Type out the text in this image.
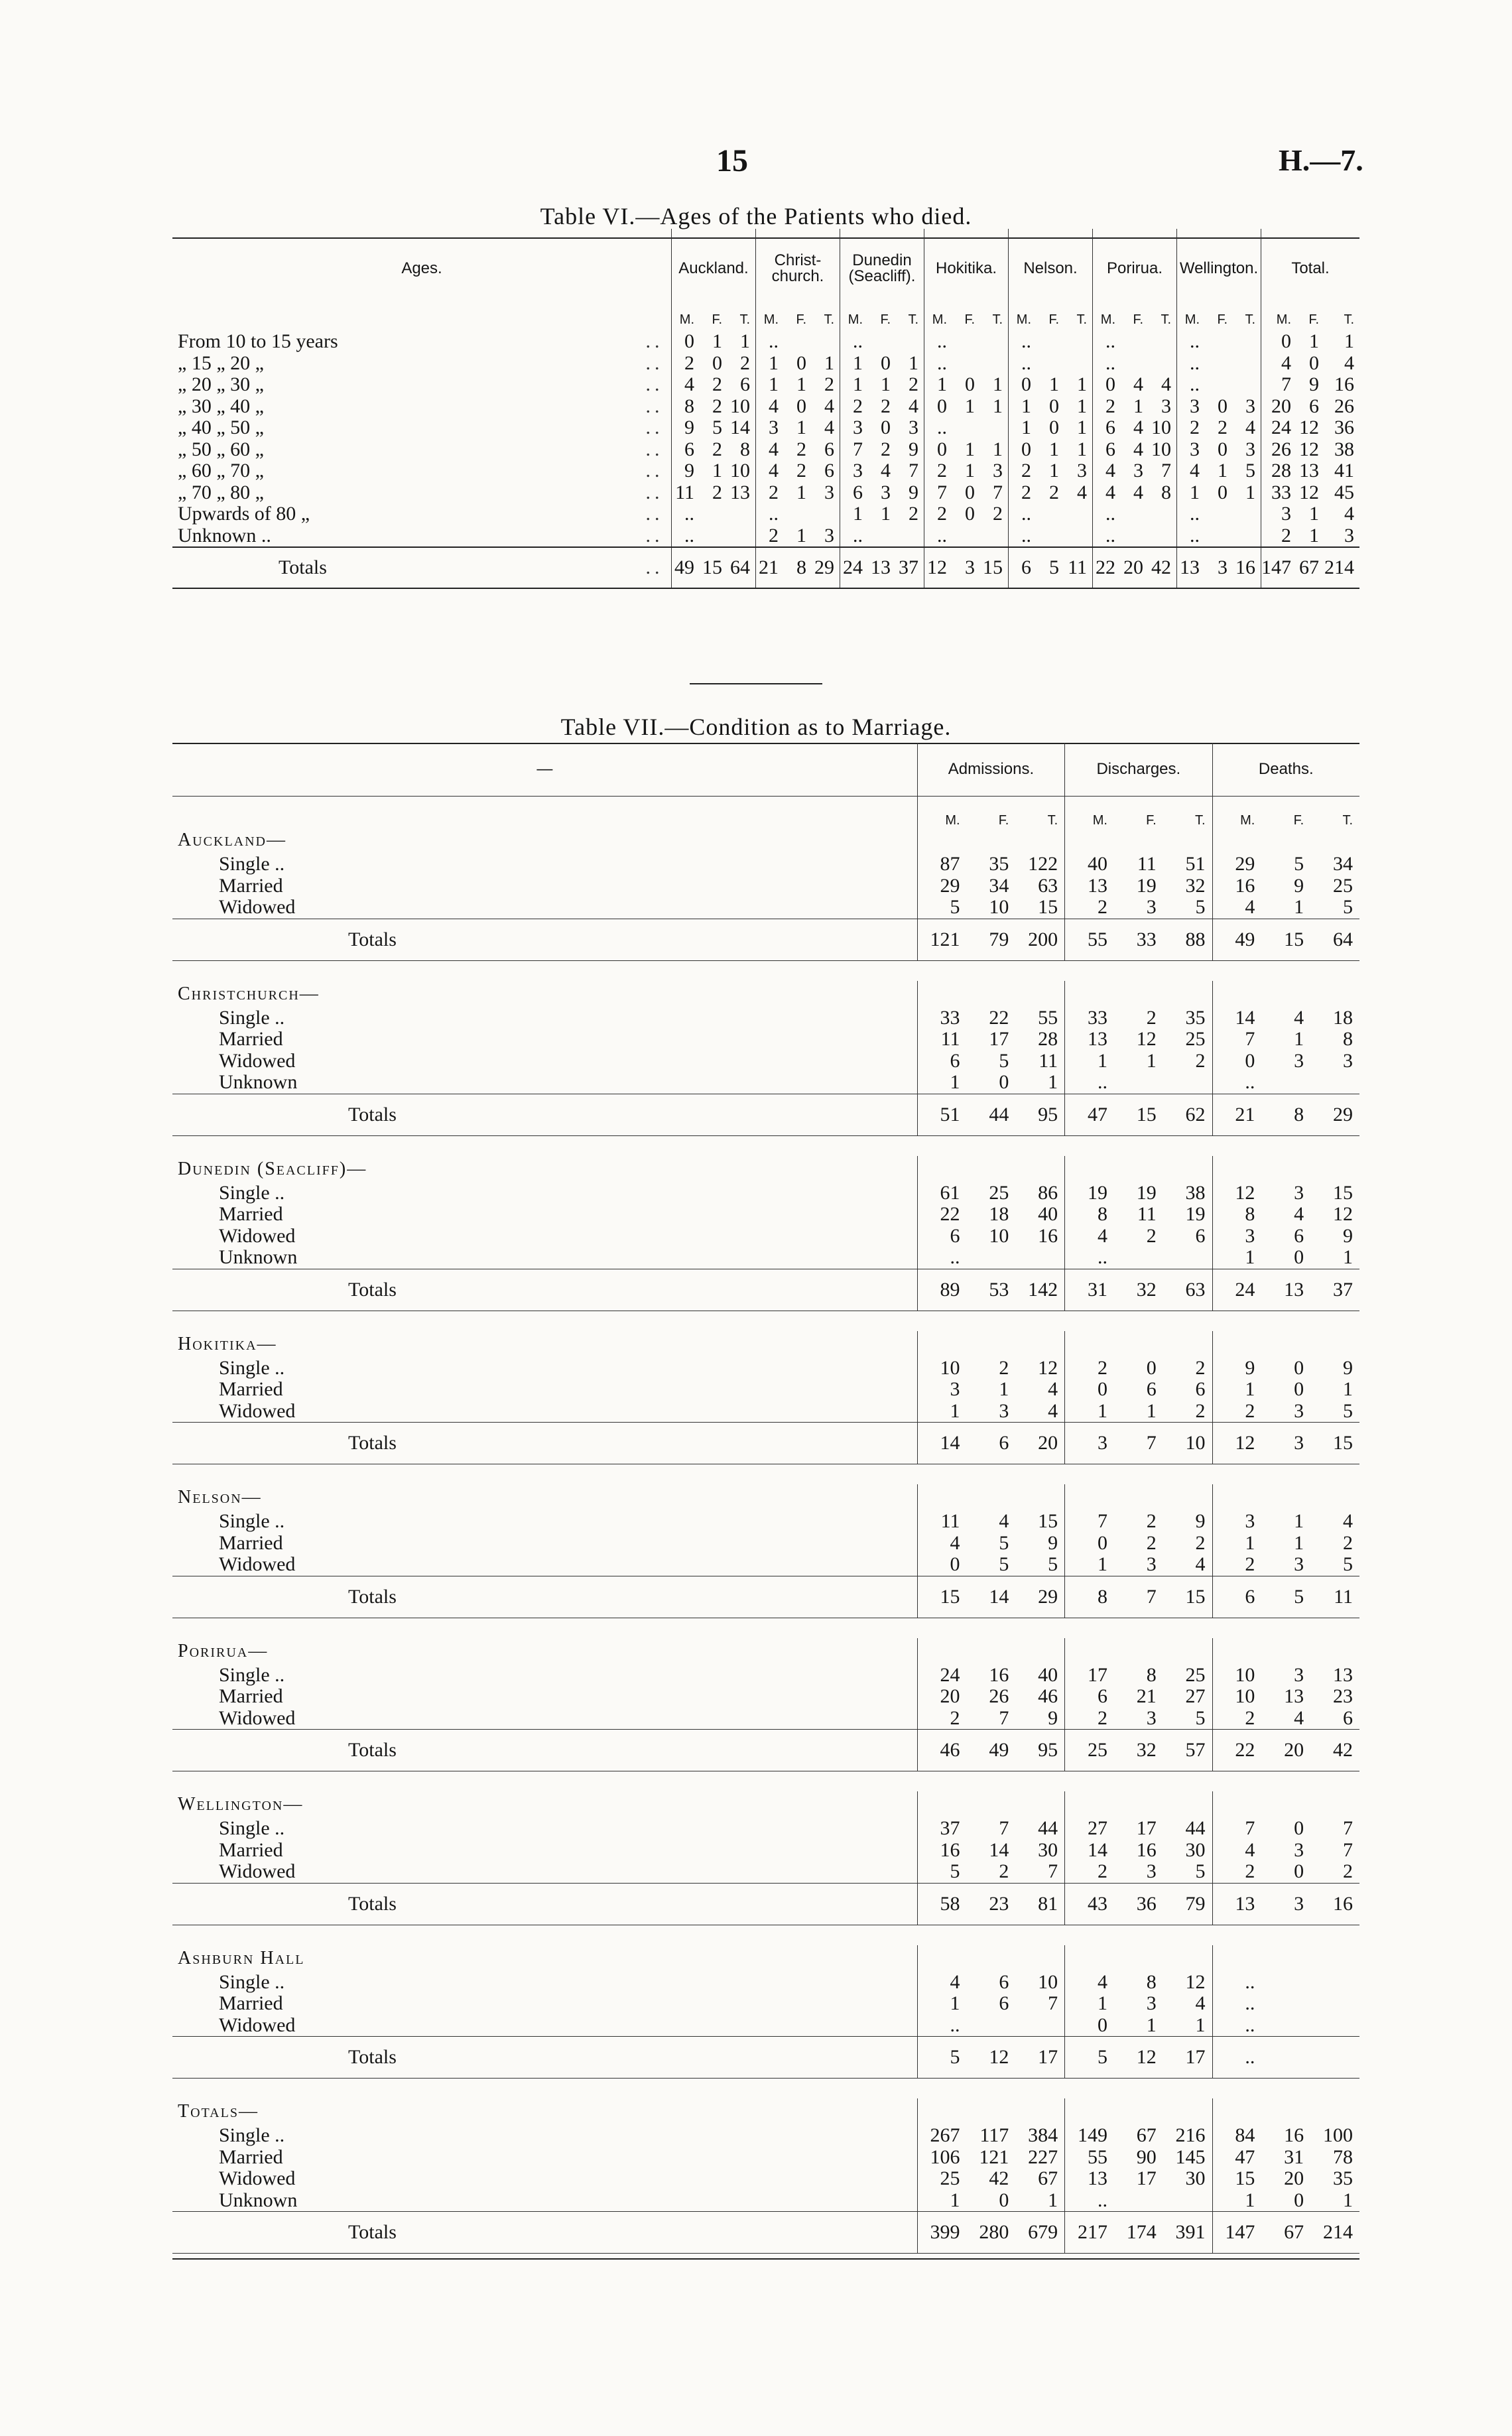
15	H.—7.
Table VI.—Ages of the Patients who died.
Ages.		Auckland.			Christ-church.			Dunedin (Seacliff).			Hokitika.			Nelson.			Porirua.			Wellington.			Total.		
		M.	F.	T.	M.	F.	T.	M.	F.	T.	M.	F.	T.	M.	F.	T.	M.	F.	T.	M.	F.	T.	M.	F.	T.
From 10 to 15 years	..	0	1	1	..			..			..			..			..			..			0	1	1
„ 15 „ 20 „	..	2	0	2	1	0	1	1	0	1	..			..			..			..			4	0	4
„ 20 „ 30 „	..	4	2	6	1	1	2	1	1	2	1	0	1	0	1	1	0	4	4	..			7	9	16
„ 30 „ 40 „	..	8	2	10	4	0	4	2	2	4	0	1	1	1	0	1	2	1	3	3	0	3	20	6	26
„ 40 „ 50 „	..	9	5	14	3	1	4	3	0	3	..			1	0	1	6	4	10	2	2	4	24	12	36
„ 50 „ 60 „	..	6	2	8	4	2	6	7	2	9	0	1	1	0	1	1	6	4	10	3	0	3	26	12	38
„ 60 „ 70 „	..	9	1	10	4	2	6	3	4	7	2	1	3	2	1	3	4	3	7	4	1	5	28	13	41
„ 70 „ 80 „	..	11	2	13	2	1	3	6	3	9	7	0	7	2	2	4	4	4	8	1	0	1	33	12	45
Upwards of 80 „	..	..			..			1	1	2	2	0	2	..			..			..			3	1	4
Unknown ..	..	..			2	1	3	..			..			..			..			..			2	1	3
Totals	..	49	15	64	21	8	29	24	13	37	12	3	15	6	5	11	22	20	42	13	3	16	147	67	214
Table VII.—Condition as to Marriage.
—	Admissions.			Discharges.			Deaths.		
	M.	F.	T.	M.	F.	T.	M.	F.	T.
Auckland—									
Single ..	87	35	122	40	11	51	29	5	34
Married	29	34	63	13	19	32	16	9	25
Widowed	5	10	15	2	3	5	4	1	5
Totals	121	79	200	55	33	88	49	15	64

Christchurch—									
Single ..	33	22	55	33	2	35	14	4	18
Married	11	17	28	13	12	25	7	1	8
Widowed	6	5	11	1	1	2	0	3	3
Unknown	1	0	1	..			..		
Totals	51	44	95	47	15	62	21	8	29

Dunedin (Seacliff)—									
Single ..	61	25	86	19	19	38	12	3	15
Married	22	18	40	8	11	19	8	4	12
Widowed	6	10	16	4	2	6	3	6	9
Unknown	..			..			1	0	1
Totals	89	53	142	31	32	63	24	13	37

Hokitika—									
Single ..	10	2	12	2	0	2	9	0	9
Married	3	1	4	0	6	6	1	0	1
Widowed	1	3	4	1	1	2	2	3	5
Totals	14	6	20	3	7	10	12	3	15

Nelson—									
Single ..	11	4	15	7	2	9	3	1	4
Married	4	5	9	0	2	2	1	1	2
Widowed	0	5	5	1	3	4	2	3	5
Totals	15	14	29	8	7	15	6	5	11

Porirua—									
Single ..	24	16	40	17	8	25	10	3	13
Married	20	26	46	6	21	27	10	13	23
Widowed	2	7	9	2	3	5	2	4	6
Totals	46	49	95	25	32	57	22	20	42

Wellington—									
Single ..	37	7	44	27	17	44	7	0	7
Married	16	14	30	14	16	30	4	3	7
Widowed	5	2	7	2	3	5	2	0	2
Totals	58	23	81	43	36	79	13	3	16

Ashburn Hall									
Single ..	4	6	10	4	8	12	..		
Married	1	6	7	1	3	4	..		
Widowed	..			0	1	1	..		
Totals	5	12	17	5	12	17	..		

Totals—									
Single ..	267	117	384	149	67	216	84	16	100
Married	106	121	227	55	90	145	47	31	78
Widowed	25	42	67	13	17	30	15	20	35
Unknown	1	0	1	..			1	0	1
Totals	399	280	679	217	174	391	147	67	214
